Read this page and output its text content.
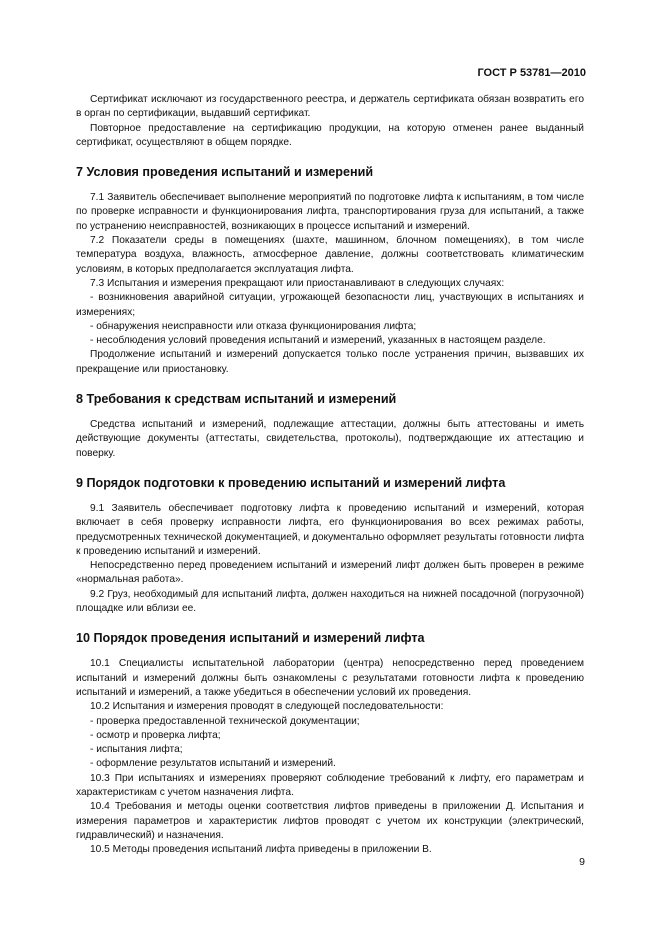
ГОСТ Р 53781—2010

Сертификат исключают из государственного реестра, и держатель сертификата обязан возвратить его в орган по сертификации, выдавший сертификат.

Повторное предоставление на сертификацию продукции, на которую отменен ранее выданный сертификат, осуществляют в общем порядке.

7 Условия проведения испытаний и измерений

7.1 Заявитель обеспечивает выполнение мероприятий по подготовке лифта к испытаниям, в том числе по проверке исправности и функционирования лифта, транспортирования груза для испытаний, а также по устранению неисправностей, возникающих в процессе испытаний и измерений.

7.2 Показатели среды в помещениях (шахте, машинном, блочном помещениях), в том числе температура воздуха, влажность, атмосферное давление, должны соответствовать климатическим условиям, в которых предполагается эксплуатация лифта.

7.3 Испытания и измерения прекращают или приостанавливают в следующих случаях:

- возникновения аварийной ситуации, угрожающей безопасности лиц, участвующих в испытаниях и измерениях;

- обнаружения неисправности или отказа функционирования лифта;

- несоблюдения условий проведения испытаний и измерений, указанных в настоящем разделе.

Продолжение испытаний и измерений допускается только после устранения причин, вызвавших их прекращение или приостановку.

8 Требования к средствам испытаний и измерений

Средства испытаний и измерений, подлежащие аттестации, должны быть аттестованы и иметь действующие документы (аттестаты, свидетельства, протоколы), подтверждающие их аттестацию и поверку.

9 Порядок подготовки к проведению испытаний и измерений лифта

9.1 Заявитель обеспечивает подготовку лифта к проведению испытаний и измерений, которая включает в себя проверку исправности лифта, его функционирования во всех режимах работы, предусмотренных технической документацией, и документально оформляет результаты готовности лифта к проведению испытаний и измерений.

Непосредственно перед проведением испытаний и измерений лифт должен быть проверен в режиме «нормальная работа».

9.2 Груз, необходимый для испытаний лифта, должен находиться на нижней посадочной (погрузочной) площадке или вблизи ее.

10 Порядок проведения испытаний и измерений лифта

10.1 Специалисты испытательной лаборатории (центра) непосредственно перед проведением испытаний и измерений должны быть ознакомлены с результатами готовности лифта к проведению испытаний и измерений, а также убедиться в обеспечении условий их проведения.

10.2 Испытания и измерения проводят в следующей последовательности:

- проверка предоставленной технической документации;

- осмотр и проверка лифта;

- испытания лифта;

- оформление результатов испытаний и измерений.

10.3 При испытаниях и измерениях проверяют соблюдение требований к лифту, его параметрам и характеристикам с учетом назначения лифта.

10.4 Требования и методы оценки соответствия лифтов приведены в приложении Д. Испытания и измерения параметров и характеристик лифтов проводят с учетом их конструкции (электрический, гидравлический) и назначения.

10.5 Методы проведения испытаний лифта приведены в приложении В.

9
